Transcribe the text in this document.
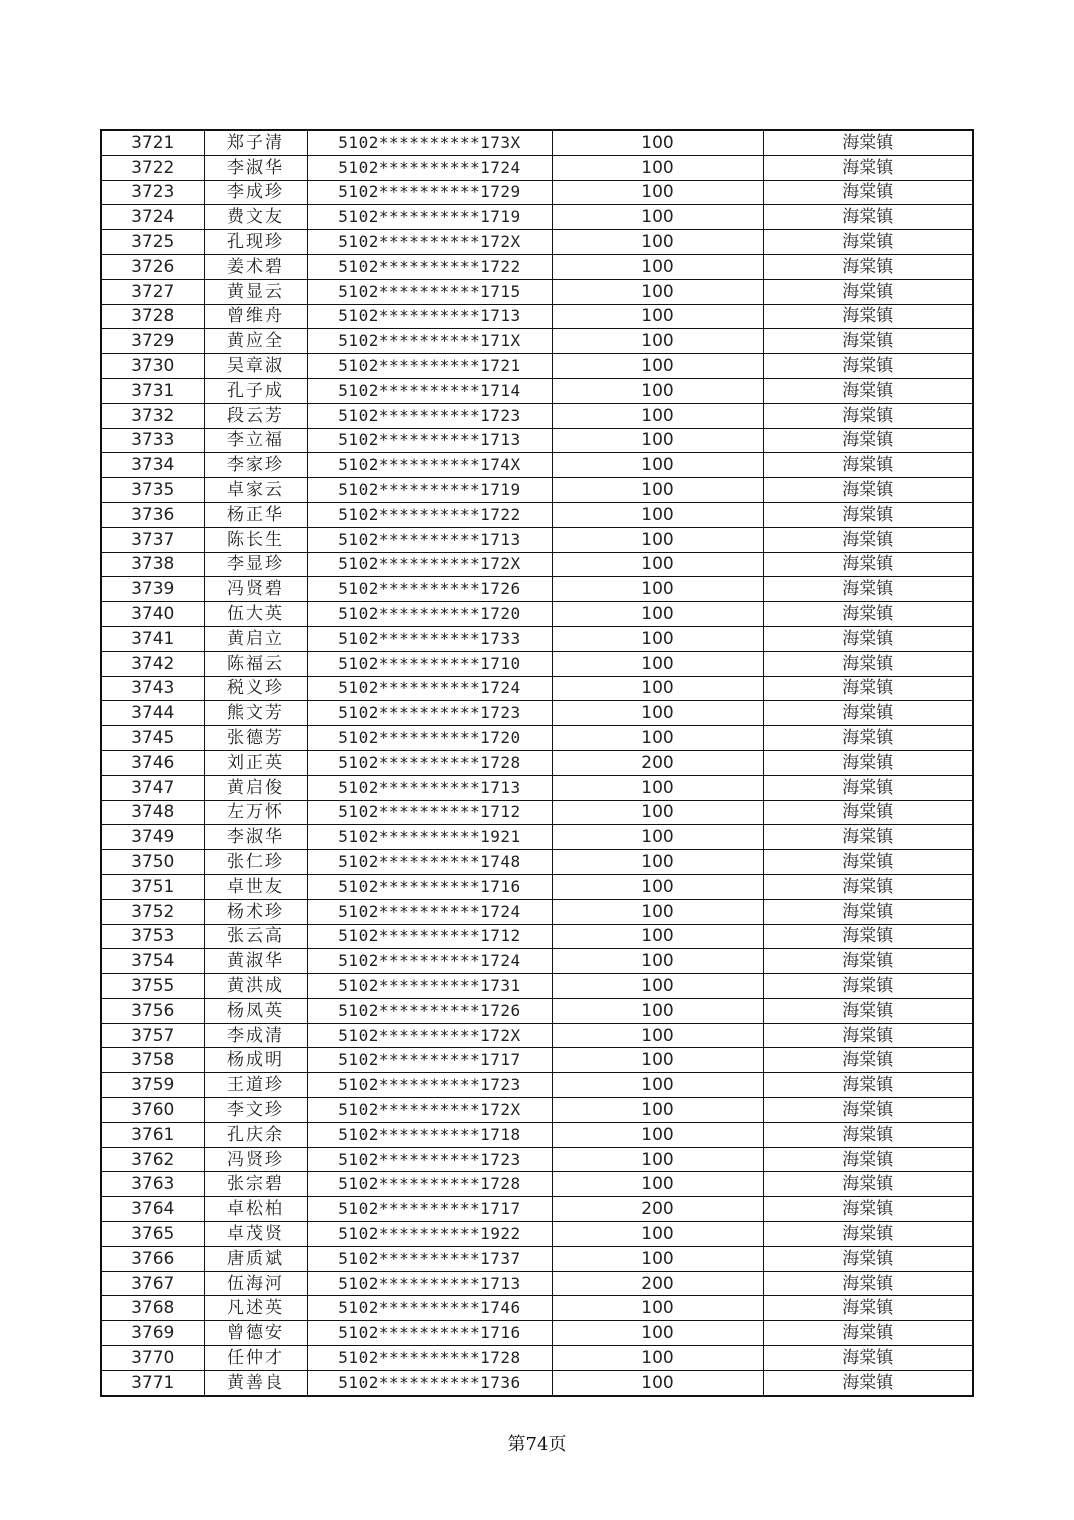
3721	郑子清	5102**********173X	100	海棠镇
3722	李淑华	5102**********1724	100	海棠镇
3723	李成珍	5102**********1729	100	海棠镇
3724	费文友	5102**********1719	100	海棠镇
3725	孔现珍	5102**********172X	100	海棠镇
3726	姜术碧	5102**********1722	100	海棠镇
3727	黄显云	5102**********1715	100	海棠镇
3728	曾维舟	5102**********1713	100	海棠镇
3729	黄应全	5102**********171X	100	海棠镇
3730	吴章淑	5102**********1721	100	海棠镇
3731	孔子成	5102**********1714	100	海棠镇
3732	段云芳	5102**********1723	100	海棠镇
3733	李立福	5102**********1713	100	海棠镇
3734	李家珍	5102**********174X	100	海棠镇
3735	卓家云	5102**********1719	100	海棠镇
3736	杨正华	5102**********1722	100	海棠镇
3737	陈长生	5102**********1713	100	海棠镇
3738	李显珍	5102**********172X	100	海棠镇
3739	冯贤碧	5102**********1726	100	海棠镇
3740	伍大英	5102**********1720	100	海棠镇
3741	黄启立	5102**********1733	100	海棠镇
3742	陈福云	5102**********1710	100	海棠镇
3743	税义珍	5102**********1724	100	海棠镇
3744	熊文芳	5102**********1723	100	海棠镇
3745	张德芳	5102**********1720	100	海棠镇
3746	刘正英	5102**********1728	200	海棠镇
3747	黄启俊	5102**********1713	100	海棠镇
3748	左万怀	5102**********1712	100	海棠镇
3749	李淑华	5102**********1921	100	海棠镇
3750	张仁珍	5102**********1748	100	海棠镇
3751	卓世友	5102**********1716	100	海棠镇
3752	杨术珍	5102**********1724	100	海棠镇
3753	张云高	5102**********1712	100	海棠镇
3754	黄淑华	5102**********1724	100	海棠镇
3755	黄洪成	5102**********1731	100	海棠镇
3756	杨凤英	5102**********1726	100	海棠镇
3757	李成清	5102**********172X	100	海棠镇
3758	杨成明	5102**********1717	100	海棠镇
3759	王道珍	5102**********1723	100	海棠镇
3760	李文珍	5102**********172X	100	海棠镇
3761	孔庆余	5102**********1718	100	海棠镇
3762	冯贤珍	5102**********1723	100	海棠镇
3763	张宗碧	5102**********1728	100	海棠镇
3764	卓松柏	5102**********1717	200	海棠镇
3765	卓茂贤	5102**********1922	100	海棠镇
3766	唐质斌	5102**********1737	100	海棠镇
3767	伍海河	5102**********1713	200	海棠镇
3768	凡述英	5102**********1746	100	海棠镇
3769	曾德安	5102**********1716	100	海棠镇
3770	任仲才	5102**********1728	100	海棠镇
3771	黄善良	5102**********1736	100	海棠镇
第74页
